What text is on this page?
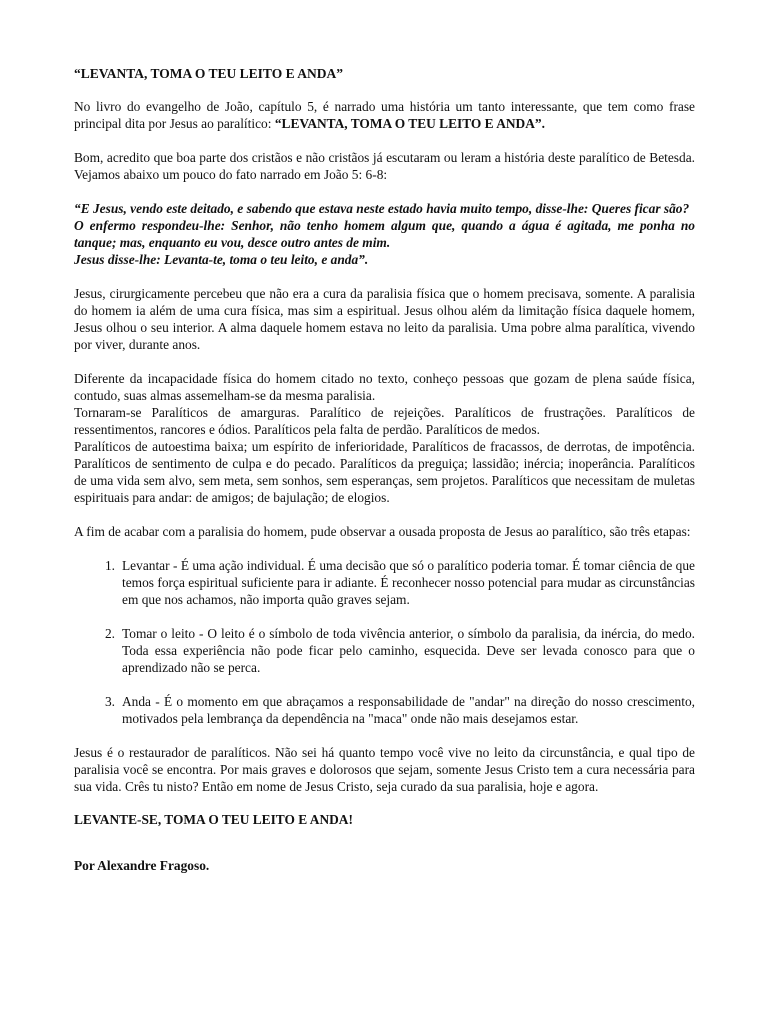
“LEVANTA, TOMA O TEU LEITO E ANDA”

No livro do evangelho de João, capítulo 5, é narrado uma história um tanto interessante, que tem como frase principal dita por Jesus ao paralítico: “LEVANTA, TOMA O TEU LEITO E ANDA”.

Bom, acredito que boa parte dos cristãos e não cristãos já escutaram ou leram a história deste paralítico de Betesda. Vejamos abaixo um pouco do fato narrado em João 5: 6-8:

“E Jesus, vendo este deitado, e sabendo que estava neste estado havia muito tempo, disse-lhe: Queres ficar são?
O enfermo respondeu-lhe: Senhor, não tenho homem algum que, quando a água é agitada, me ponha no tanque; mas, enquanto eu vou, desce outro antes de mim.
Jesus disse-lhe: Levanta-te, toma o teu leito, e anda”.

Jesus, cirurgicamente percebeu que não era a cura da paralisia física que o homem precisava, somente. A paralisia do homem ia além de uma cura física, mas sim a espiritual. Jesus olhou além da limitação física daquele homem, Jesus olhou o seu interior. A alma daquele homem estava no leito da paralisia. Uma pobre alma paralítica, vivendo por viver, durante anos.

Diferente da incapacidade física do homem citado no texto, conheço pessoas que gozam de plena saúde física, contudo, suas almas assemelham-se da mesma paralisia.

Tornaram-se Paralíticos de amarguras. Paralítico de rejeições. Paralíticos de frustrações. Paralíticos de ressentimentos, rancores e ódios. Paralíticos pela falta de perdão. Paralíticos de medos.

Paralíticos de autoestima baixa; um espírito de inferioridade, Paralíticos de fracassos, de derrotas, de impotência. Paralíticos de sentimento de culpa e do pecado. Paralíticos da preguiça; lassidão; inércia; inoperância. Paralíticos de uma vida sem alvo, sem meta, sem sonhos, sem esperanças, sem projetos. Paralíticos que necessitam de muletas espirituais para andar: de amigos; de bajulação; de elogios.

A fim de acabar com a paralisia do homem, pude observar a ousada proposta de Jesus ao paralítico, são três etapas:

1. Levantar - É uma ação individual. É uma decisão que só o paralítico poderia tomar. É tomar ciência de que temos força espiritual suficiente para ir adiante. É reconhecer nosso potencial para mudar as circunstâncias em que nos achamos, não importa quão graves sejam.
2. Tomar o leito - O leito é o símbolo de toda vivência anterior, o símbolo da paralisia, da inércia, do medo. Toda essa experiência não pode ficar pelo caminho, esquecida. Deve ser levada conosco para que o aprendizado não se perca.
3. Anda - É o momento em que abraçamos a responsabilidade de "andar" na direção do nosso crescimento, motivados pela lembrança da dependência na "maca" onde não mais desejamos estar.

Jesus é o restaurador de paralíticos. Não sei há quanto tempo você vive no leito da circunstância, e qual tipo de paralisia você se encontra. Por mais graves e dolorosos que sejam, somente Jesus Cristo tem a cura necessária para sua vida. Crês tu nisto? Então em nome de Jesus Cristo, seja curado da sua paralisia, hoje e agora.

LEVANTE-SE, TOMA O TEU LEITO E ANDA!
Por Alexandre Fragoso.
